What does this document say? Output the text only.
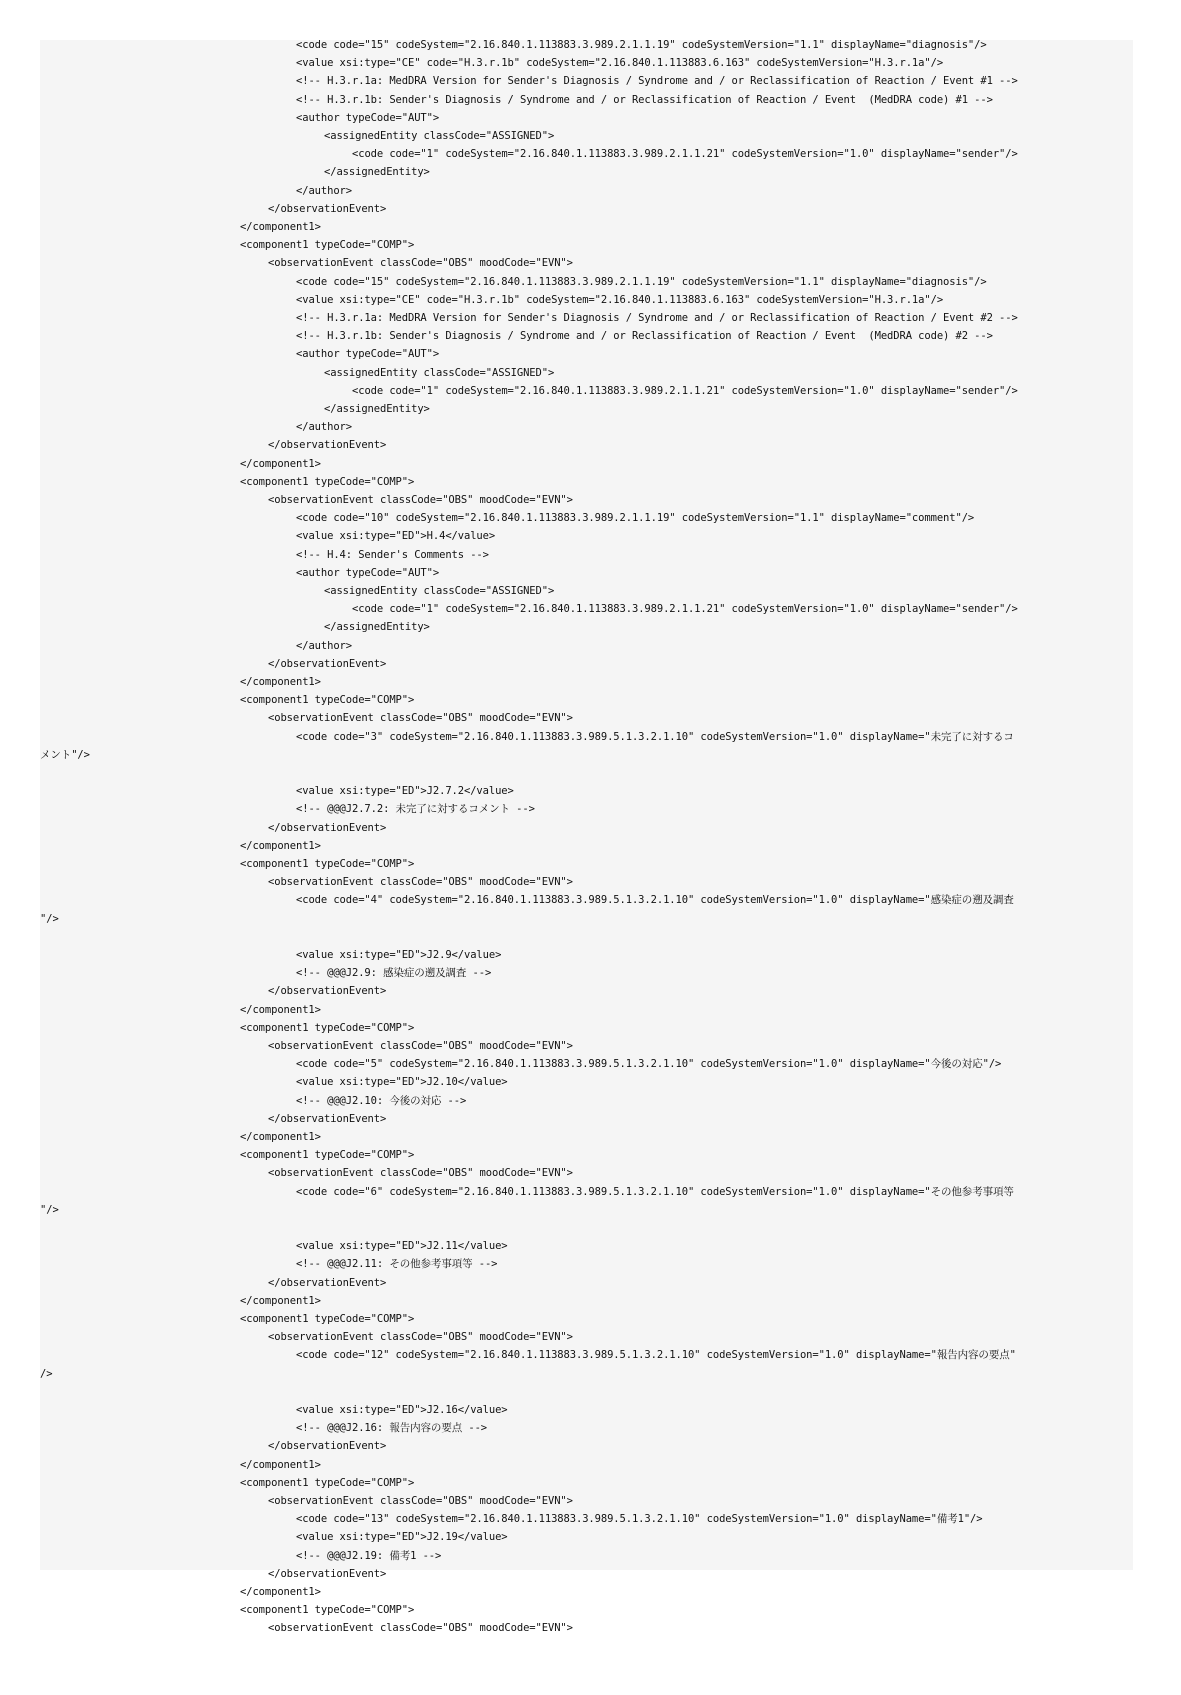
<code code="15" codeSystem="2.16.840.1.113883.3.989.2.1.1.19" codeSystemVersion="1.1" displayName="diagnosis"/>
<value xsi:type="CE" code="H.3.r.1b" codeSystem="2.16.840.1.113883.6.163" codeSystemVersion="H.3.r.1a"/>
<!-- H.3.r.1a: MedDRA Version for Sender's Diagnosis / Syndrome and / or Reclassification of Reaction / Event #1 -->
<!-- H.3.r.1b: Sender's Diagnosis / Syndrome and / or Reclassification of Reaction / Event  (MedDRA code) #1 -->
<author typeCode="AUT">
<assignedEntity classCode="ASSIGNED">
<code code="1" codeSystem="2.16.840.1.113883.3.989.2.1.1.21" codeSystemVersion="1.0" displayName="sender"/>
</assignedEntity>
</author>
</observationEvent>
</component1>
<component1 typeCode="COMP">
<observationEvent classCode="OBS" moodCode="EVN">
<code code="15" codeSystem="2.16.840.1.113883.3.989.2.1.1.19" codeSystemVersion="1.1" displayName="diagnosis"/>
<value xsi:type="CE" code="H.3.r.1b" codeSystem="2.16.840.1.113883.6.163" codeSystemVersion="H.3.r.1a"/>
<!-- H.3.r.1a: MedDRA Version for Sender's Diagnosis / Syndrome and / or Reclassification of Reaction / Event #2 -->
<!-- H.3.r.1b: Sender's Diagnosis / Syndrome and / or Reclassification of Reaction / Event  (MedDRA code) #2 -->
<author typeCode="AUT">
<assignedEntity classCode="ASSIGNED">
<code code="1" codeSystem="2.16.840.1.113883.3.989.2.1.1.21" codeSystemVersion="1.0" displayName="sender"/>
</assignedEntity>
</author>
</observationEvent>
</component1>
<component1 typeCode="COMP">
<observationEvent classCode="OBS" moodCode="EVN">
<code code="10" codeSystem="2.16.840.1.113883.3.989.2.1.1.19" codeSystemVersion="1.1" displayName="comment"/>
<value xsi:type="ED">H.4</value>
<!-- H.4: Sender's Comments -->
<author typeCode="AUT">
<assignedEntity classCode="ASSIGNED">
<code code="1" codeSystem="2.16.840.1.113883.3.989.2.1.1.21" codeSystemVersion="1.0" displayName="sender"/>
</assignedEntity>
</author>
</observationEvent>
</component1>
<component1 typeCode="COMP">
<observationEvent classCode="OBS" moodCode="EVN">
<code code="3" codeSystem="2.16.840.1.113883.3.989.5.1.3.2.1.10" codeSystemVersion="1.0" displayName="未完了に対するコ
メント"/>
<value xsi:type="ED">J2.7.2</value>
<!-- @@@J2.7.2: 未完了に対するコメント -->
</observationEvent>
</component1>
<component1 typeCode="COMP">
<observationEvent classCode="OBS" moodCode="EVN">
<code code="4" codeSystem="2.16.840.1.113883.3.989.5.1.3.2.1.10" codeSystemVersion="1.0" displayName="感染症の遡及調査
"/>
<value xsi:type="ED">J2.9</value>
<!-- @@@J2.9: 感染症の遡及調査 -->
</observationEvent>
</component1>
<component1 typeCode="COMP">
<observationEvent classCode="OBS" moodCode="EVN">
<code code="5" codeSystem="2.16.840.1.113883.3.989.5.1.3.2.1.10" codeSystemVersion="1.0" displayName="今後の対応"/>
<value xsi:type="ED">J2.10</value>
<!-- @@@J2.10: 今後の対応 -->
</observationEvent>
</component1>
<component1 typeCode="COMP">
<observationEvent classCode="OBS" moodCode="EVN">
<code code="6" codeSystem="2.16.840.1.113883.3.989.5.1.3.2.1.10" codeSystemVersion="1.0" displayName="その他参考事項等
"/>
<value xsi:type="ED">J2.11</value>
<!-- @@@J2.11: その他参考事項等 -->
</observationEvent>
</component1>
<component1 typeCode="COMP">
<observationEvent classCode="OBS" moodCode="EVN">
<code code="12" codeSystem="2.16.840.1.113883.3.989.5.1.3.2.1.10" codeSystemVersion="1.0" displayName="報告内容の要点"
/>
<value xsi:type="ED">J2.16</value>
<!-- @@@J2.16: 報告内容の要点 -->
</observationEvent>
</component1>
<component1 typeCode="COMP">
<observationEvent classCode="OBS" moodCode="EVN">
<code code="13" codeSystem="2.16.840.1.113883.3.989.5.1.3.2.1.10" codeSystemVersion="1.0" displayName="備考1"/>
<value xsi:type="ED">J2.19</value>
<!-- @@@J2.19: 備考1 -->
</observationEvent>
</component1>
<component1 typeCode="COMP">
<observationEvent classCode="OBS" moodCode="EVN">
